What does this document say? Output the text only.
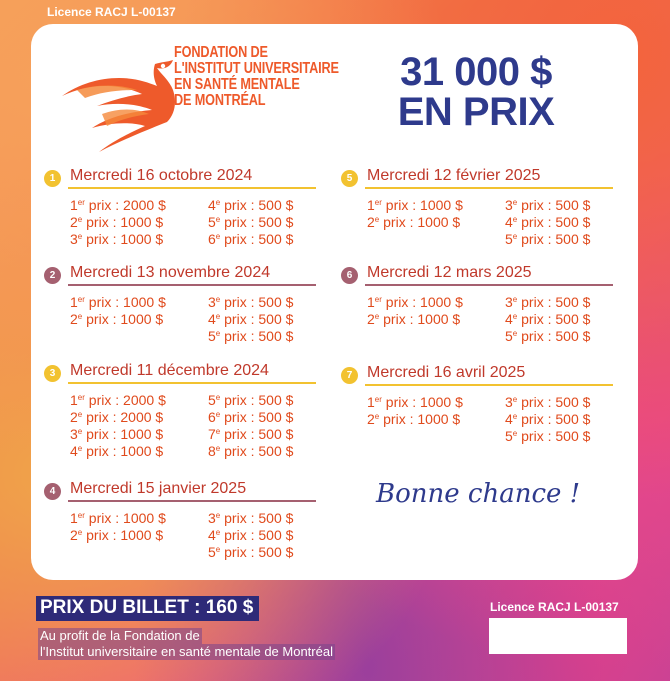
Licence RACJ L-00137
FONDATION DE
L'INSTITUT UNIVERSITAIRE
EN SANTÉ MENTALE
DE MONTRÉAL
31 000 $
EN PRIX
1 Mercredi 16 octobre 2024
1er prix : 2000 $
2e prix : 1000 $
3e prix : 1000 $
4e prix : 500 $
5e prix : 500 $
6e prix : 500 $
2 Mercredi 13 novembre 2024
1er prix : 1000 $
2e prix : 1000 $
3e prix : 500 $
4e prix : 500 $
5e prix : 500 $
3 Mercredi 11 décembre 2024
1er prix : 2000 $
2e prix : 2000 $
3e prix : 1000 $
4e prix : 1000 $
5e prix : 500 $
6e prix : 500 $
7e prix : 500 $
8e prix : 500 $
4 Mercredi 15 janvier 2025
1er prix : 1000 $
2e prix : 1000 $
3e prix : 500 $
4e prix : 500 $
5e prix : 500 $
5 Mercredi 12 février 2025
1er prix : 1000 $
2e prix : 1000 $
3e prix : 500 $
4e prix : 500 $
5e prix : 500 $
6 Mercredi 12 mars 2025
1er prix : 1000 $
2e prix : 1000 $
3e prix : 500 $
4e prix : 500 $
5e prix : 500 $
7 Mercredi 16 avril 2025
1er prix : 1000 $
2e prix : 1000 $
3e prix : 500 $
4e prix : 500 $
5e prix : 500 $
Bonne chance !
PRIX DU BILLET : 160 $
Au profit de la Fondation de
l'Institut universitaire en santé mentale de Montréal
Licence RACJ L-00137
